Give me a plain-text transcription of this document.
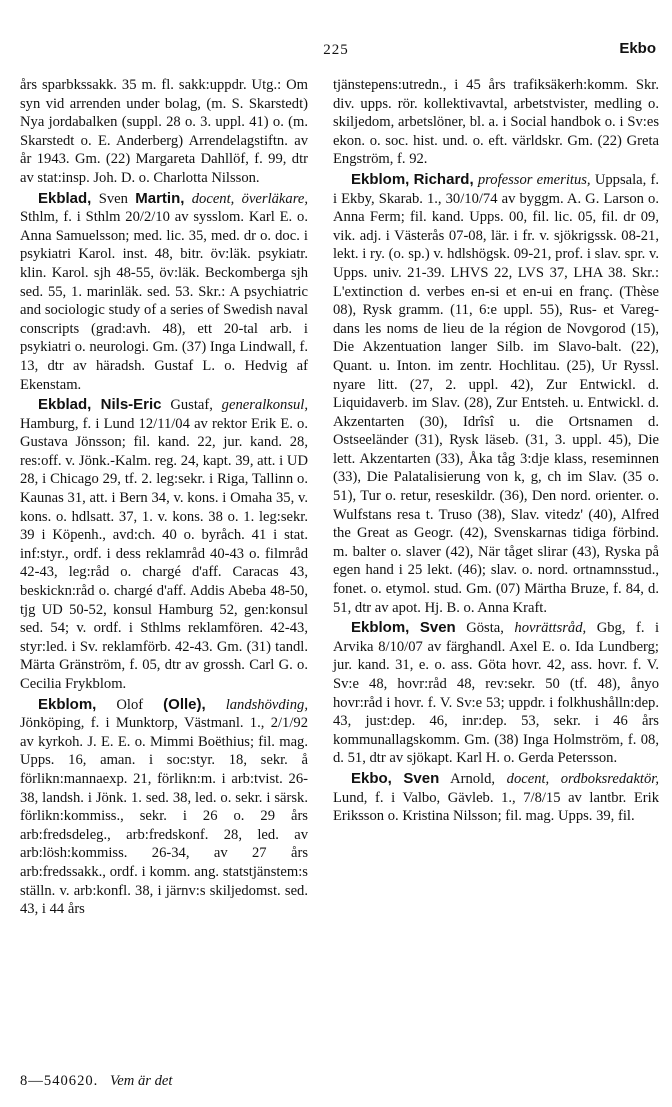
225	Ekbo

års sparbkssakk. 35 m. fl. sakk:uppdr. Utg.: Om syn vid arrenden under bolag, (m. S. Skarstedt) Nya jordabalken (suppl. 28 o. 3. uppl. 41) o. (m. Skarstedt o. E. Anderberg) Arrendelagstiftn. av år 1943. Gm. (22) Margareta Dahllöf, f. 99, dtr av stat:insp. Joh. D. o. Charlotta Nilsson.

Ekblad, Sven Martin, docent, överläkare, Sthlm, f. i Sthlm 20/2/10 av sysslom. Karl E. o. Anna Samuelsson; med. lic. 35, med. dr o. doc. i psykiatri Karol. inst. 48, bitr. öv:läk. psykiatr. klin. Karol. sjh 48-55, öv:läk. Beckomberga sjh sed. 55, 1. marinläk. sed. 53. Skr.: A psychiatric and sociologic study of a series of Swedish naval conscripts (grad:avh. 48), ett 20-tal arb. i psykiatri o. neurologi. Gm. (37) Inga Lindwall, f. 13, dtr av häradsh. Gustaf L. o. Hedvig af Ekenstam.

Ekblad, Nils-Eric Gustaf, generalkonsul, Hamburg, f. i Lund 12/11/04 av rektor Erik E. o. Gustava Jönsson; fil. kand. 22, jur. kand. 28, res:off. v. Jönk.-Kalm. reg. 24, kapt. 39, att. i UD 28, i Chicago 29, tf. 2. leg:sekr. i Riga, Tallinn o. Kaunas 31, att. i Bern 34, v. kons. i Omaha 35, v. kons. o. hdlsatt. 37, 1. v. kons. 38 o. 1. leg:sekr. 39 i Köpenh., avd:ch. 40 o. byråch. 41 i stat. inf:styr., ordf. i dess reklamråd 40-43 o. filmråd 42-43, leg:råd o. chargé d'aff. Caracas 43, beskickn:råd o. chargé d'aff. Addis Abeba 48-50, tjg UD 50-52, konsul Hamburg 52, gen:konsul sed. 54; v. ordf. i Sthlms reklamfören. 42-43, styr:led. i Sv. reklamförb. 42-43. Gm. (31) tandl. Märta Gränström, f. 05, dtr av grossh. Carl G. o. Cecilia Frykblom.

Ekblom, Olof (Olle), landshövding, Jönköping, f. i Munktorp, Västmanl. 1., 2/1/92 av kyrkoh. J. E. E. o. Mimmi Boëthius; fil. mag. Upps. 16, aman. i soc:styr. 18, sekr. å förlikn:mannaexp. 21, förlikn:m. i arb:tvist. 26-38, landsh. i Jönk. 1. sed. 38, led. o. sekr. i särsk. förlikn:kommiss., sekr. i 26 o. 29 års arb:fredsdeleg., arb:fredskonf. 28, led. av arb:lösh:kommiss. 26-34, av 27 års arb:fredssakk., ordf. i komm. ang. statstjänstem:s ställn. v. arb:konfl. 38, i järnv:s skiljedomst. sed. 43, i 44 års

tjänstepens:utredn., i 45 års trafiksäkerh:komm. Skr. div. upps. rör. kollektivavtal, arbetstvister, medling o. skiljedom, arbetslöner, bl. a. i Social handbok o. i Sv:es ekon. o. soc. hist. und. o. eft. världskr. Gm. (22) Greta Engström, f. 92.

Ekblom, Richard, professor emeritus, Uppsala, f. i Ekby, Skarab. 1., 30/10/74 av byggm. A. G. Larson o. Anna Ferm; fil. kand. Upps. 00, fil. lic. 05, fil. dr 09, vik. adj. i Västerås 07-08, lär. i fr. v. sjökrigssk. 08-21, lekt. i ry. (o. sp.) v. hdlshögsk. 09-21, prof. i slav. spr. v. Upps. univ. 21-39. LHVS 22, LVS 37, LHA 38. Skr.: L'extinction d. verbes en-si et en-ui en franç. (Thèse 08), Rysk gramm. (11, 6:e uppl. 55), Rus- et Vareg- dans les noms de lieu de la région de Novgorod (15), Die Akzentuation langer Silb. im Slavo-balt. (22), Quant. u. Inton. im zentr. Hochlitau. (25), Ur Ryssl. nyare litt. (27, 2. uppl. 42), Zur Entwickl. d. Liquidaverb. im Slav. (28), Zur Entsteh. u. Entwickl. d. Akzentarten (30), Idrîsî u. die Ortsnamen d. Ostseeländer (31), Rysk läseb. (31, 3. uppl. 45), Die lett. Akzentarten (33), Åka tåg 3:dje klass, reseminnen (33), Die Palatalisierung von k, g, ch im Slav. (35 o. 51), Tur o. retur, reseskildr. (36), Den nord. orienter. o. Wulfstans resa t. Truso (38), Slav. vitedz' (40), Alfred the Great as Geogr. (42), Svenskarnas tidiga förbind. m. balter o. slaver (42), När tåget slirar (43), Ryska på egen hand i 25 lekt. (46); slav. o. nord. ortnamnsstud., fonet. o. etymol. stud. Gm. (07) Märtha Bruze, f. 84, d. 51, dtr av apot. Hj. B. o. Anna Kraft.

Ekblom, Sven Gösta, hovrättsråd, Gbg, f. i Arvika 8/10/07 av färghandl. Axel E. o. Ida Lundberg; jur. kand. 31, e. o. ass. Göta hovr. 42, ass. hovr. f. V. Sv:e 48, hovr:råd 48, rev:sekr. 50 (tf. 48), ånyo hovr:råd i hovr. f. V. Sv:e 53; uppdr. i folkhushålln:dep. 43, just:dep. 46, inr:dep. 53, sekr. i 46 års kommunallagskomm. Gm. (38) Inga Holmström, f. 08, d. 51, dtr av sjökapt. Karl H. o. Gerda Petersson.

Ekbo, Sven Arnold, docent, ordboksredaktör, Lund, f. i Valbo, Gävleb. 1., 7/8/15 av lantbr. Erik Eriksson o. Kristina Nilsson; fil. mag. Upps. 39, fil.

8—540620. Vem är det
